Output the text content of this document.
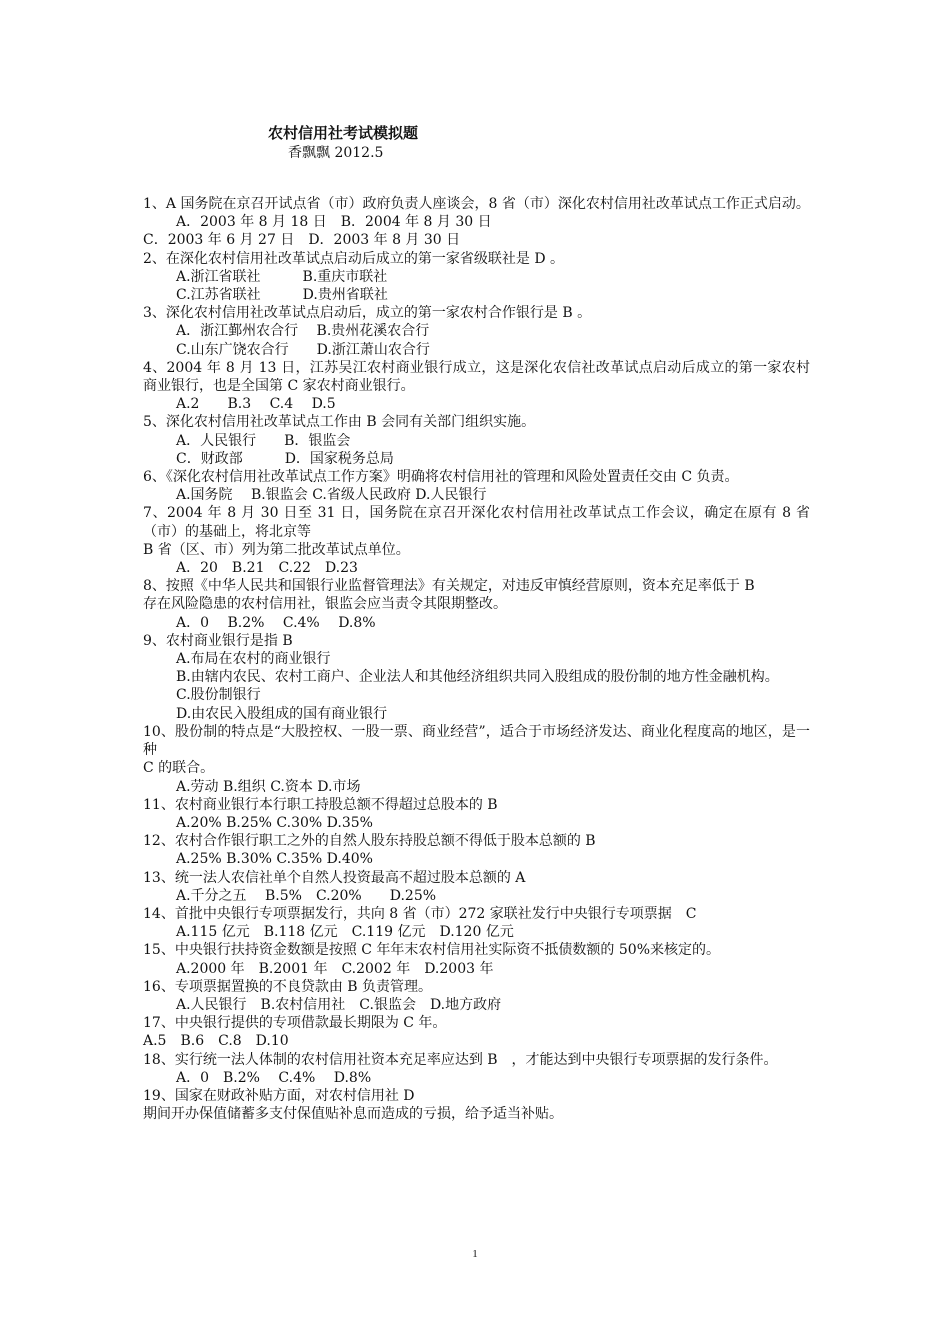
农村信用社考试模拟题
香飘飘 2012.5
1、A 国务院在京召开试点省（市）政府负责人座谈会，8 省（市）深化农村信用社改革试点工作正式启动。
A．2003 年 8 月 18 日　B．2004 年 8 月 30 日
C．2003 年 6 月 27 日　D．2003 年 8 月 30 日
2、在深化农村信用社改革试点启动后成立的第一家省级联社是 D 。
A.浙江省联社　　　B.重庆市联社
C.江苏省联社　　　D.贵州省联社
3、深化农村信用社改革试点启动后，成立的第一家农村合作银行是 B 。
A．浙江鄞州农合行　 B.贵州花溪农合行
C.山东广饶农合行　　D.浙江萧山农合行
4、2004 年 8 月 13 日，江苏吴江农村商业银行成立，这是深化农信社改革试点启动后成立的第一家农村商业银行，也是全国第 C 家农村商业银行。
A.2　　B.3　 C.4　 D.5
5、深化农村信用社改革试点工作由 B 会同有关部门组织实施。
A．人民银行　　B．银监会
C．财政部　　　D．国家税务总局
6、《深化农村信用社改革试点工作方案》明确将农村信用社的管理和风险处置责任交由 C 负责。
A.国务院　 B.银监会 C.省级人民政府 D.人民银行
7、2004 年 8 月 30 日至 31 日，国务院在京召开深化农村信用社改革试点工作会议，确定在原有 8 省（市）的基础上，将北京等
B 省（区、市）列为第二批改革试点单位。
A．20　B.21　C.22　D.23
8、按照《中华人民共和国银行业监督管理法》有关规定，对违反审慎经营原则，资本充足率低于 B
存在风险隐患的农村信用社，银监会应当责令其限期整改。
A．0　 B.2%　 C.4%　 D.8%
9、农村商业银行是指 B
A.布局在农村的商业银行
B.由辖内农民、农村工商户、企业法人和其他经济组织共同入股组成的股份制的地方性金融机构。
C.股份制银行
D.由农民入股组成的国有商业银行
10、股份制的特点是“大股控权、一股一票、商业经营”，适合于市场经济发达、商业化程度高的地区，是一种
C 的联合。
A.劳动 B.组织 C.资本 D.市场
11、农村商业银行本行职工持股总额不得超过总股本的 B
A.20% B.25% C.30% D.35%
12、农村合作银行职工之外的自然人股东持股总额不得低于股本总额的 B
A.25% B.30% C.35% D.40%
13、统一法人农信社单个自然人投资最高不超过股本总额的 A
A.千分之五　 B.5%　C.20%　　D.25%
14、首批中央银行专项票据发行，共向 8 省（市）272 家联社发行中央银行专项票据　C
A.115 亿元　B.118 亿元　C.119 亿元　D.120 亿元
15、中央银行扶持资金数额是按照 C 年年末农村信用社实际资不抵债数额的 50%来核定的。
A.2000 年　B.2001 年　C.2002 年　D.2003 年
16、专项票据置换的不良贷款由 B 负责管理。
A.人民银行　B.农村信用社　C.银监会　D.地方政府
17、中央银行提供的专项借款最长期限为 C 年。
A.5　B.6　C.8　D.10
18、实行统一法人体制的农村信用社资本充足率应达到 B　，才能达到中央银行专项票据的发行条件。
A．0　B.2%　 C.4%　 D.8%
19、国家在财政补贴方面，对农村信用社 D
期间开办保值储蓄多支付保值贴补息而造成的亏损，给予适当补贴。
1
